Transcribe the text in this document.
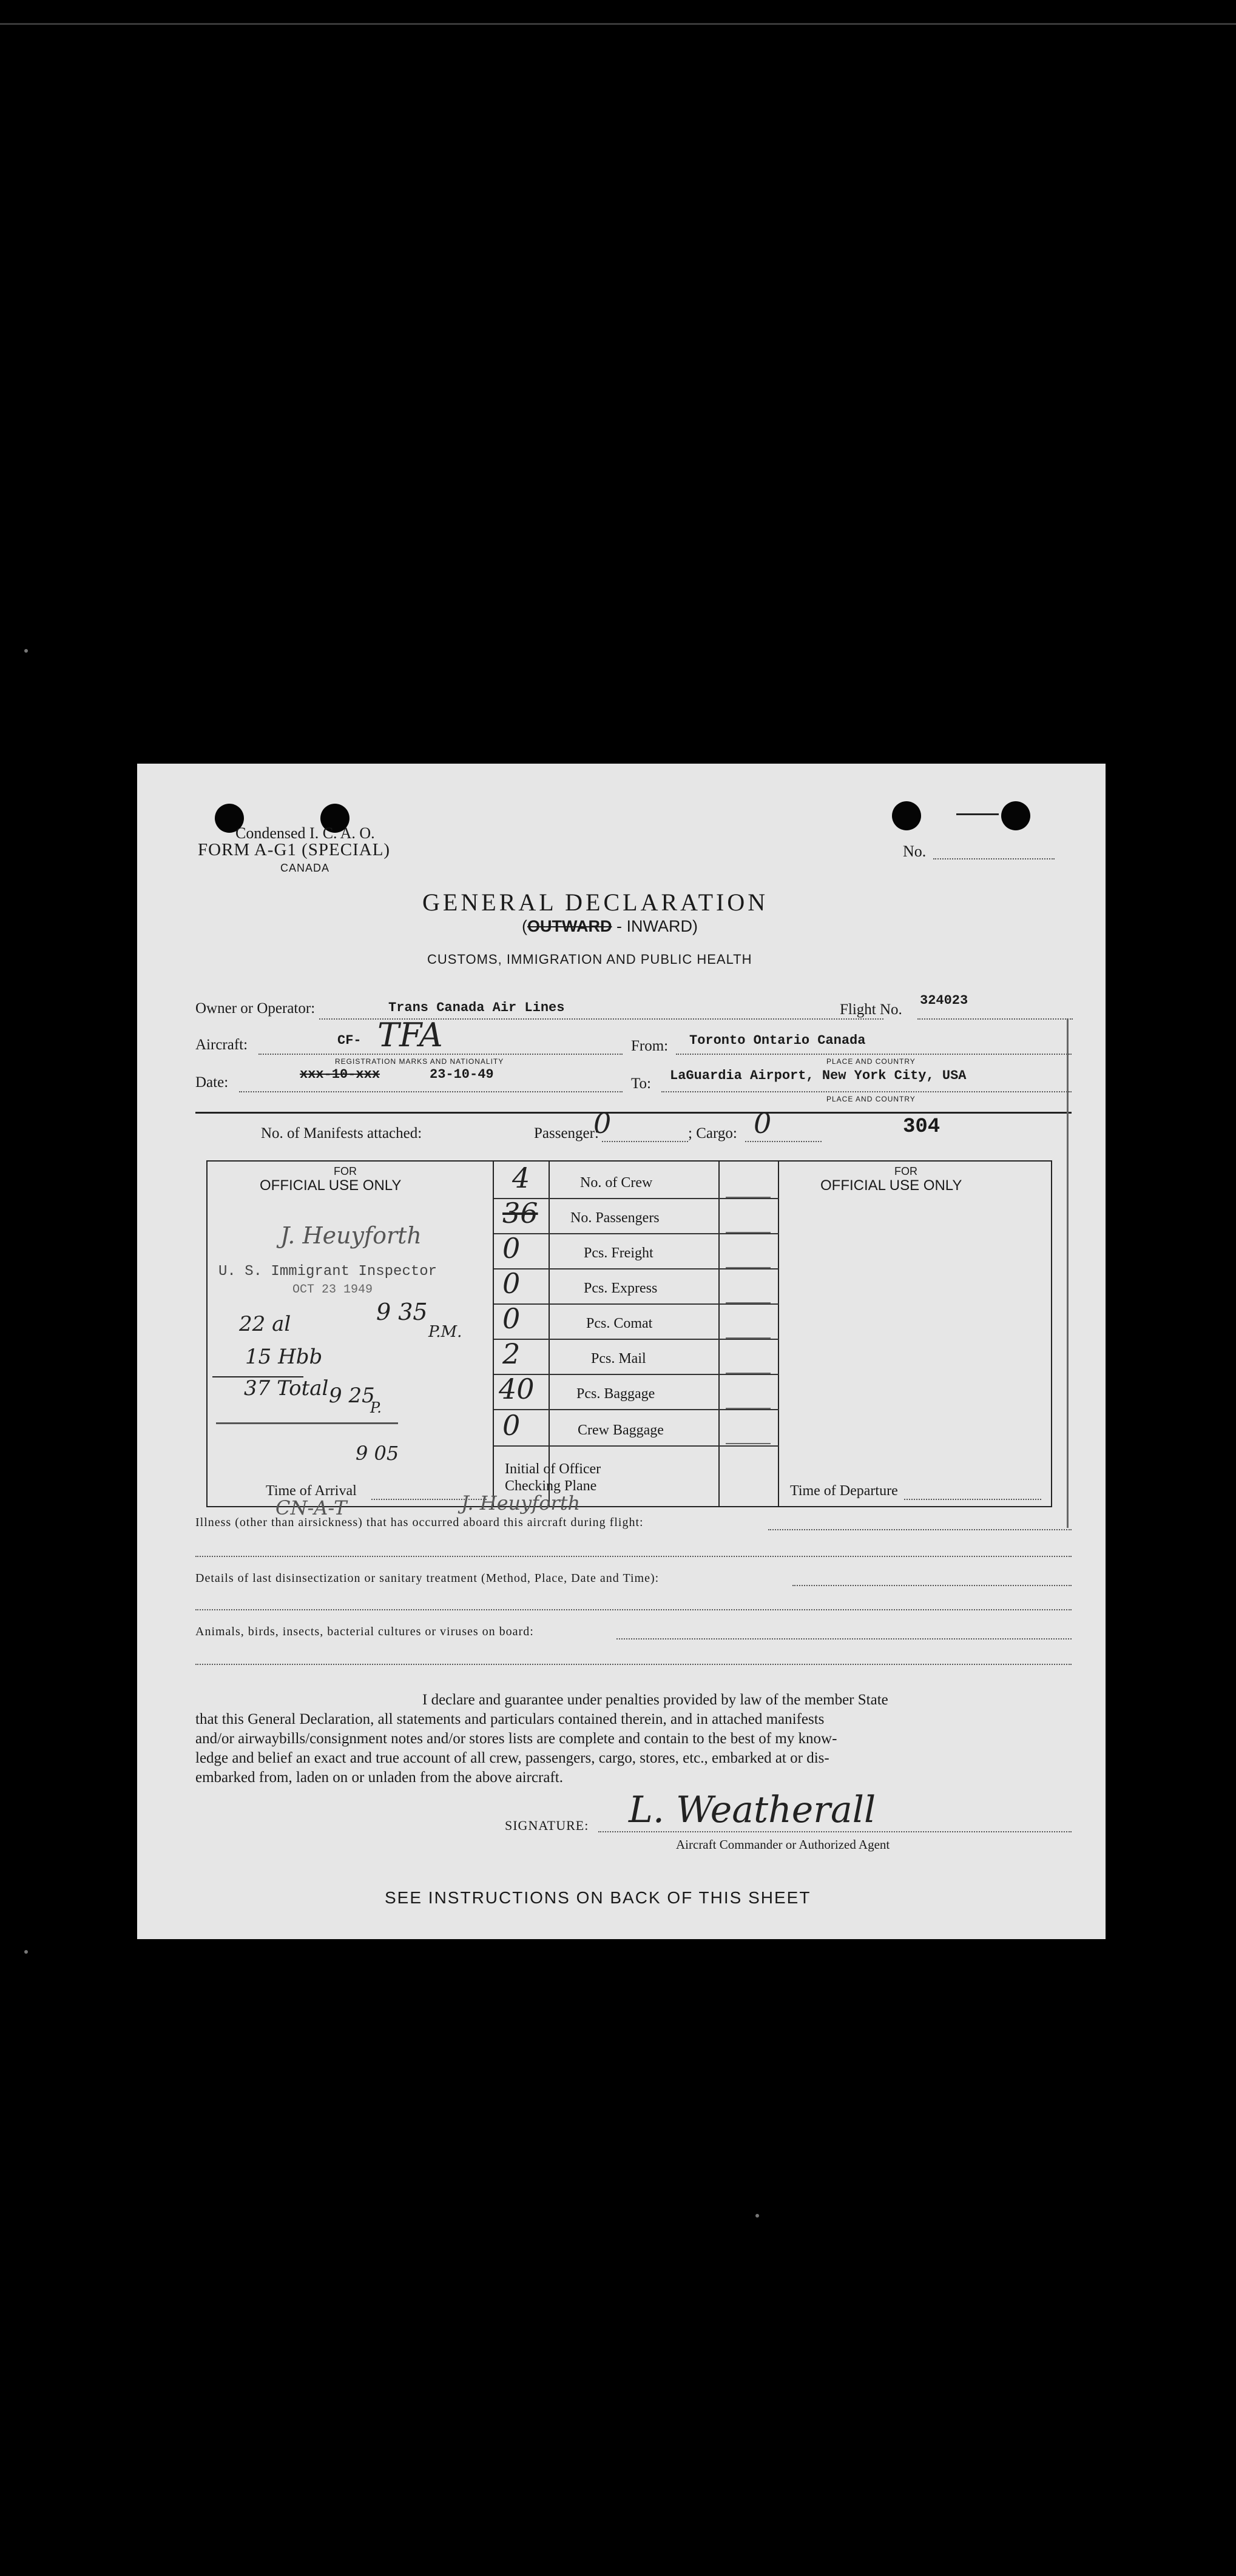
Condensed I. C. A. O.
FORM A-G1 (SPECIAL)
CANADA
No.
GENERAL DECLARATION
(OUTWARD - INWARD)
CUSTOMS, IMMIGRATION AND PUBLIC HEALTH
Owner or Operator:	Trans Canada Air Lines	Flight No.
324023
Aircraft:	CF- TFA
REGISTRATION MARKS AND NATIONALITY
From: Toronto Ontario Canada
PLACE AND COUNTRY
Date:	xxx-10-xxx	23-10-49
To: LaGuardia Airport, New York City, USA
PLACE AND COUNTRY
No. of Manifests attached:	Passenger:
0	; Cargo: 0	304
FOR
OFFICIAL USE ONLY
FOR
OFFICIAL USE ONLY
4	No. of Crew
36 No. Passengers
0	Pcs. Freight
0	Pcs. Express
0	Pcs. Comat
2	Pcs. Mail
40	Pcs. Baggage
0	Crew Baggage
U. S. Immigrant Inspector
OCT 23 1949
J. Heuyforth
22 al
15 Hbb
37 Total
9 35
P.M.
9 25
P.
9 05
Time of Arrival
Initial of Officer
Checking Plane	Time of Departure
CN-A-T	J. Heuyforth
Illness (other than airsickness) that has occurred aboard this aircraft during flight:
Details of last disinsectization or sanitary treatment (Method, Place, Date and Time):
Animals, birds, insects, bacterial cultures or viruses on board:
I declare and guarantee under penalties provided by law of the member State
that this General Declaration, all statements and particulars contained therein, and in attached manifests
and/or airwaybills/consignment notes and/or stores lists are complete and contain to the best of my know-
ledge and belief an exact and true account of all crew, passengers, cargo, stores, etc., embarked at or dis-
embarked from, laden on or unladen from the above aircraft.
SIGNATURE: L. Weatherall
Aircraft Commander or Authorized Agent
SEE INSTRUCTIONS ON BACK OF THIS SHEET
